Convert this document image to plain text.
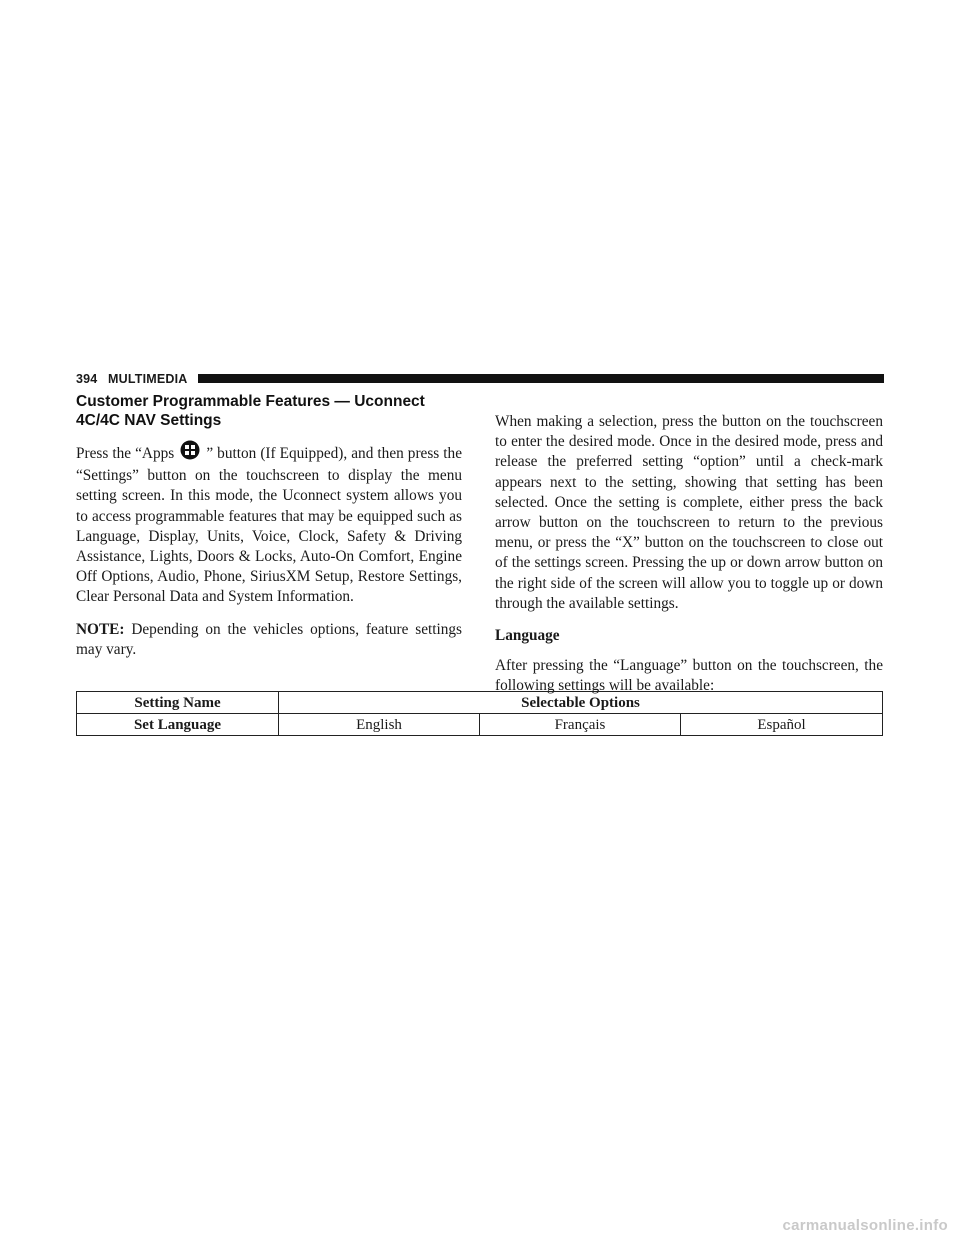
394 MULTIMEDIA
Customer Programmable Features — Uconnect 4C/4C NAV Settings

Press the “Apps ” button (If Equipped), and then press the “Settings” button on the touchscreen to display the menu setting screen. In this mode, the Uconnect system allows you to access programmable features that may be equipped such as Language, Display, Units, Voice, Clock, Safety & Driving Assistance, Lights, Doors & Locks, Auto-On Comfort, Engine Off Options, Audio, Phone, SiriusXM Setup, Restore Settings, Clear Personal Data and System Information.

NOTE: Depending on the vehicles options, feature settings may vary.

When making a selection, press the button on the touchscreen to enter the desired mode. Once in the desired mode, press and release the preferred setting “option” until a check-mark appears next to the setting, showing that setting has been selected. Once the setting is complete, either press the back arrow button on the touchscreen to return to the previous menu, or press the “X” button on the touchscreen to close out of the settings screen. Pressing the up or down arrow button on the right side of the screen will allow you to toggle up or down through the available settings.

Language

After pressing the “Language” button on the touchscreen, the following settings will be available:

Setting Name	Selectable Options		
Set Language	English	Français	Español
carmanualsonline.info
